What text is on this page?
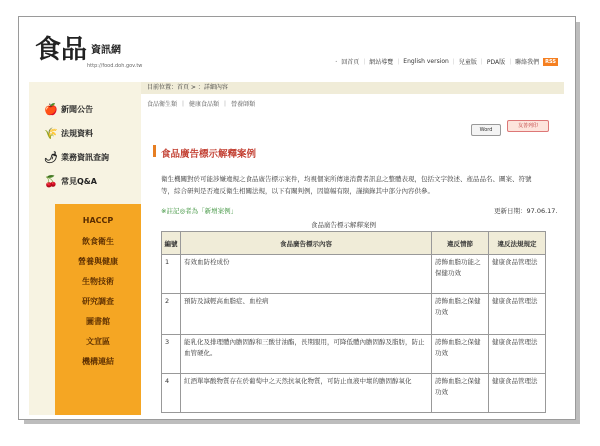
食品 資訊網
http://food.doh.gov.tw	・ 回首頁 ｜ 網站導覽 ｜ English version ｜ 兒童版 ｜ PDA版 ｜ 聯絡我們	RSS
🍎 新聞公告
🌾 法規資料
🌶 業務資訊查詢
🍒 常見Q&A
HACCP
飲食衛生
營養與健康
生物技術
研究調查
圖書館
文宣區
機構連結
目前位置：首頁 > ：詳細內容
食品衛生類 ｜ 健康食品類 ｜ 營養師類
友善列印
Word
食品廣告標示解釋案例
衛生機關對於可能涉嫌違規之食品廣告標示案件，均視個案所傳達消費者訊息之整體表現，包括文字敘述、產品品名、圖案、符號等，綜合研判是否違反衛生相關法規，以下有關判例，因篇幅有限，謹摘錄其中部分內容供參。
※註記◎者為「新增案例」	更新日期：97.06.17.
食品廣告標示解釋案例
編號	食品廣告標示內容	違反情節	違反法規規定
1	有效血防栓成份	誇飾血脂功能之保健功效	健康食品管理法
2	預防及減輕高血脂症、血栓病	誇飾血脂之保健功效	健康食品管理法
3	能乳化及排理體內膽固醇和三酸甘油酯，長期服用，可降低體內膽固醇及脂肪，防止血管硬化。	誇飾血脂之保健功效	健康食品管理法
4	紅酒單寧酸物質存在於葡萄中之天然抗氧化物質，可防止血液中壞的膽固醇氧化	誇飾血脂之保健功效	健康食品管理法
